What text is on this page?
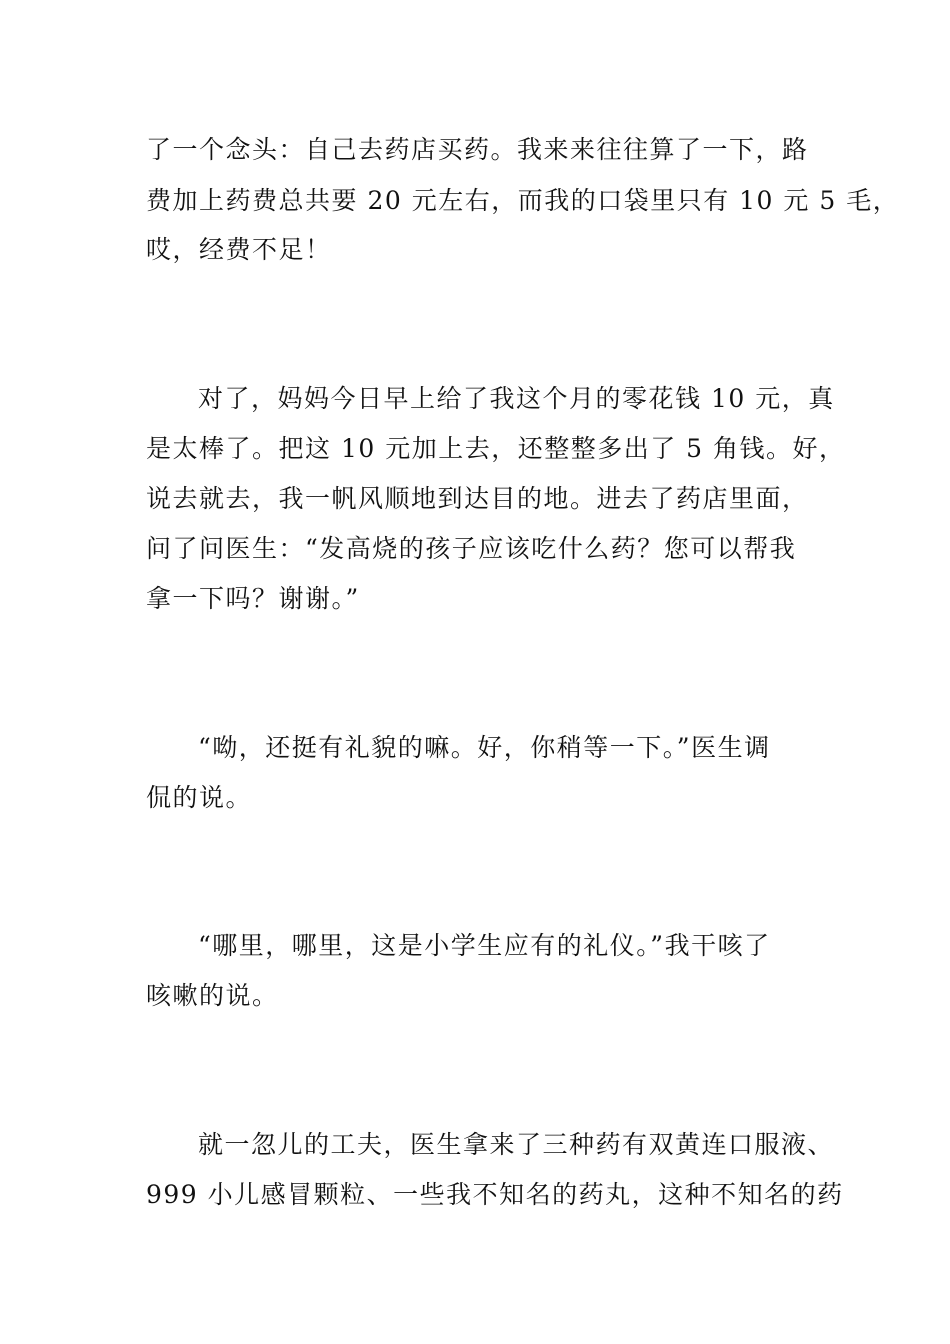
了一个念头：自己去药店买药。我来来往往算了一下，路
费加上药费总共要 20 元左右，而我的口袋里只有 10 元 5 毛，
哎，经费不足！
对了，妈妈今日早上给了我这个月的零花钱 10 元，真
是太棒了。把这 10 元加上去，还整整多出了 5 角钱。好，
说去就去，我一帆风顺地到达目的地。进去了药店里面，
问了问医生：“发高烧的孩子应该吃什么药？您可以帮我
拿一下吗？谢谢。”
“呦，还挺有礼貌的嘛。好，你稍等一下。”医生调
侃的说。
“哪里，哪里，这是小学生应有的礼仪。”我干咳了
咳嗽的说。
就一忽儿的工夫，医生拿来了三种药有双黄连口服液、
999 小儿感冒颗粒、一些我不知名的药丸，这种不知名的药
